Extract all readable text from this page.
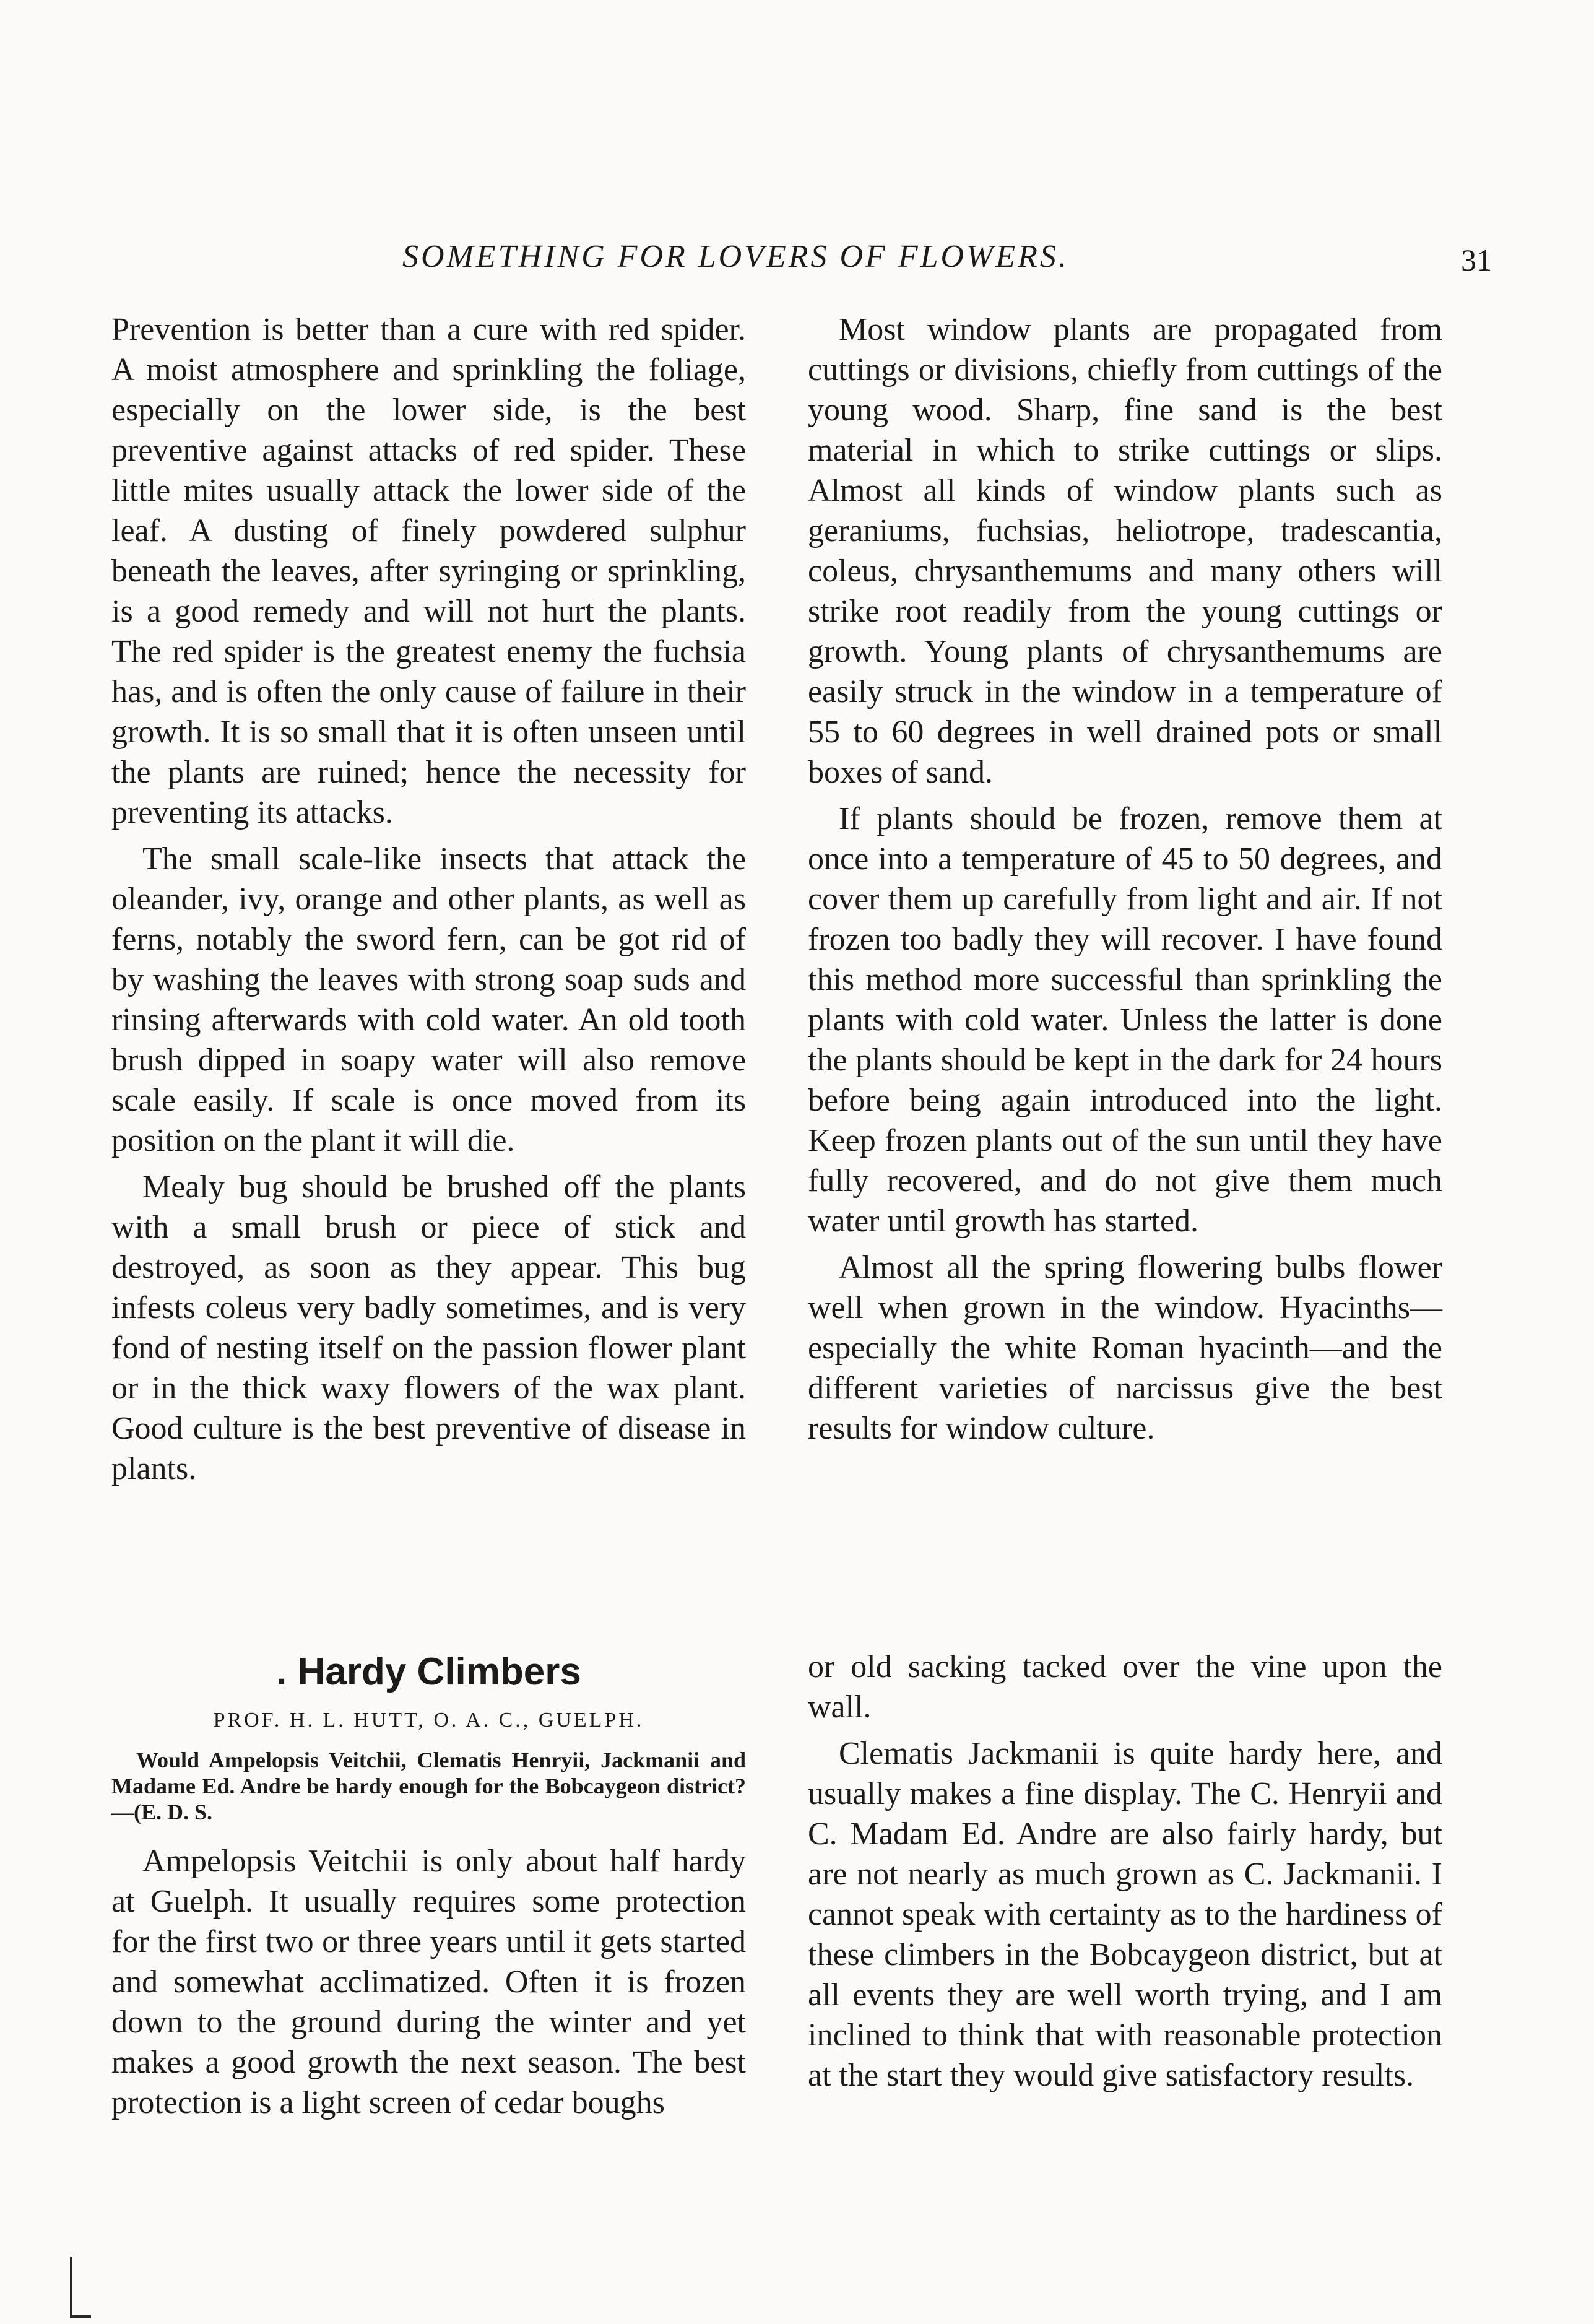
SOMETHING FOR LOVERS OF FLOWERS.	31

Prevention is better than a cure with red spider. A moist atmosphere and sprinkling the foliage, especially on the lower side, is the best preventive against attacks of red spider. These little mites usually attack the lower side of the leaf. A dusting of finely powdered sulphur beneath the leaves, after syringing or sprinkling, is a good remedy and will not hurt the plants. The red spider is the greatest enemy the fuchsia has, and is often the only cause of failure in their growth. It is so small that it is often unseen until the plants are ruined; hence the necessity for preventing its attacks.

The small scale-like insects that attack the oleander, ivy, orange and other plants, as well as ferns, notably the sword fern, can be got rid of by washing the leaves with strong soap suds and rinsing afterwards with cold water. An old tooth brush dipped in soapy water will also remove scale easily. If scale is once moved from its position on the plant it will die.

Mealy bug should be brushed off the plants with a small brush or piece of stick and destroyed, as soon as they appear. This bug infests coleus very badly sometimes, and is very fond of nesting itself on the passion flower plant or in the thick waxy flowers of the wax plant. Good culture is the best preventive of disease in plants.

Most window plants are propagated from cuttings or divisions, chiefly from cuttings of the young wood. Sharp, fine sand is the best material in which to strike cuttings or slips. Almost all kinds of window plants such as geraniums, fuchsias, heliotrope, tradescantia, coleus, chrysanthemums and many others will strike root readily from the young cuttings or growth. Young plants of chrysanthemums are easily struck in the window in a temperature of 55 to 60 degrees in well drained pots or small boxes of sand.

If plants should be frozen, remove them at once into a temperature of 45 to 50 degrees, and cover them up carefully from light and air. If not frozen too badly they will recover. I have found this method more successful than sprinkling the plants with cold water. Unless the latter is done the plants should be kept in the dark for 24 hours before being again introduced into the light. Keep frozen plants out of the sun until they have fully recovered, and do not give them much water until growth has started.

Almost all the spring flowering bulbs flower well when grown in the window. Hyacinths—especially the white Roman hyacinth—and the different varieties of narcissus give the best results for window culture.

. Hardy Climbers
PROF. H. L. HUTT, O. A. C., GUELPH.
Would Ampelopsis Veitchii, Clematis Henryii, Jackmanii and Madame Ed. Andre be hardy enough for the Bobcaygeon district?—(E. D. S.

Ampelopsis Veitchii is only about half hardy at Guelph. It usually requires some protection for the first two or three years until it gets started and somewhat acclimatized. Often it is frozen down to the ground during the winter and yet makes a good growth the next season. The best protection is a light screen of cedar boughs

or old sacking tacked over the vine upon the wall.

Clematis Jackmanii is quite hardy here, and usually makes a fine display. The C. Henryii and C. Madam Ed. Andre are also fairly hardy, but are not nearly as much grown as C. Jackmanii. I cannot speak with certainty as to the hardiness of these climbers in the Bobcaygeon district, but at all events they are well worth trying, and I am inclined to think that with reasonable protection at the start they would give satisfactory results.
